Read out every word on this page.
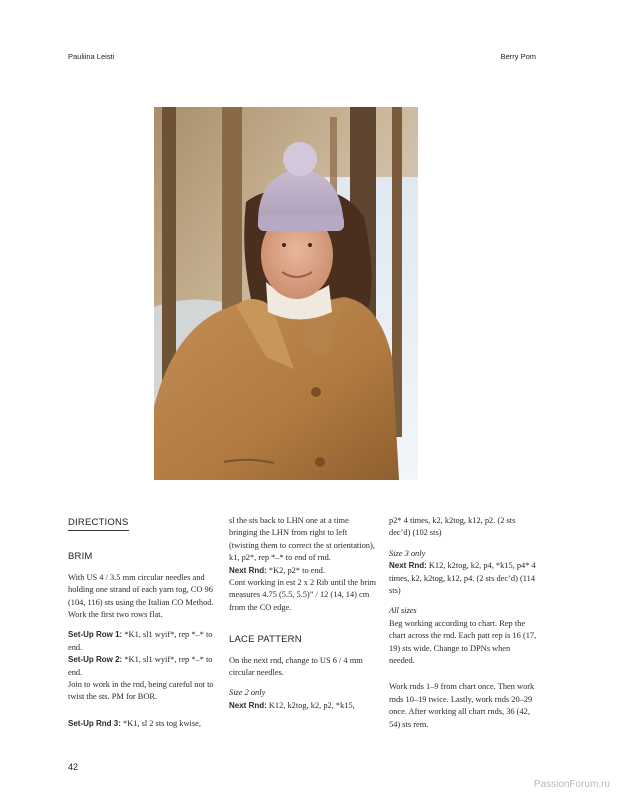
Pauliina Leisti	Berry Pom
DIRECTIONS
BRIM

With US 4 / 3.5 mm circular needles and holding one strand of each yarn tog, CO 96 (104, 116) sts using the Italian CO Method. Work the first two rows flat.

Set-Up Row 1: *K1, sl1 wyif*, rep *–* to end.

Set-Up Row 2: *K1, sl1 wyif*, rep *–* to end.

Join to work in the rnd, being careful not to twist the sts. PM for BOR.

Set-Up Rnd 3: *K1, sl 2 sts tog kwise,

sl the sts back to LHN one at a time bringing the LHN from right to left (twisting them to correct the st orientation), k1, p2*, rep *–* to end of rnd.

Next Rnd: *K2, p2* to end.

Cont working in est 2 x 2 Rib until the brim measures 4.75 (5.5, 5.5)” / 12 (14, 14) cm from the CO edge.

LACE PATTERN

On the next rnd, change to US 6 / 4 mm circular needles.

Size 2 only

Next Rnd: K12, k2tog, k2, p2, *k15,

p2* 4 times, k2, k2tog, k12, p2. (2 sts dec’d) (102 sts)

Size 3 only

Next Rnd: K12, k2tog, k2, p4, *k15, p4* 4 times, k2, k2tog, k12, p4. (2 sts dec’d) (114 sts)

All sizes

Beg working according to chart. Rep the chart across the rnd. Each patt rep is 16 (17, 19) sts wide. Change to DPNs when needed.

Work rnds 1–9 from chart once. Then work rnds 10–19 twice. Lastly, work rnds 20–29 once. After working all chart rnds, 36 (42, 54) sts rem.

42
PassionForum.ru
